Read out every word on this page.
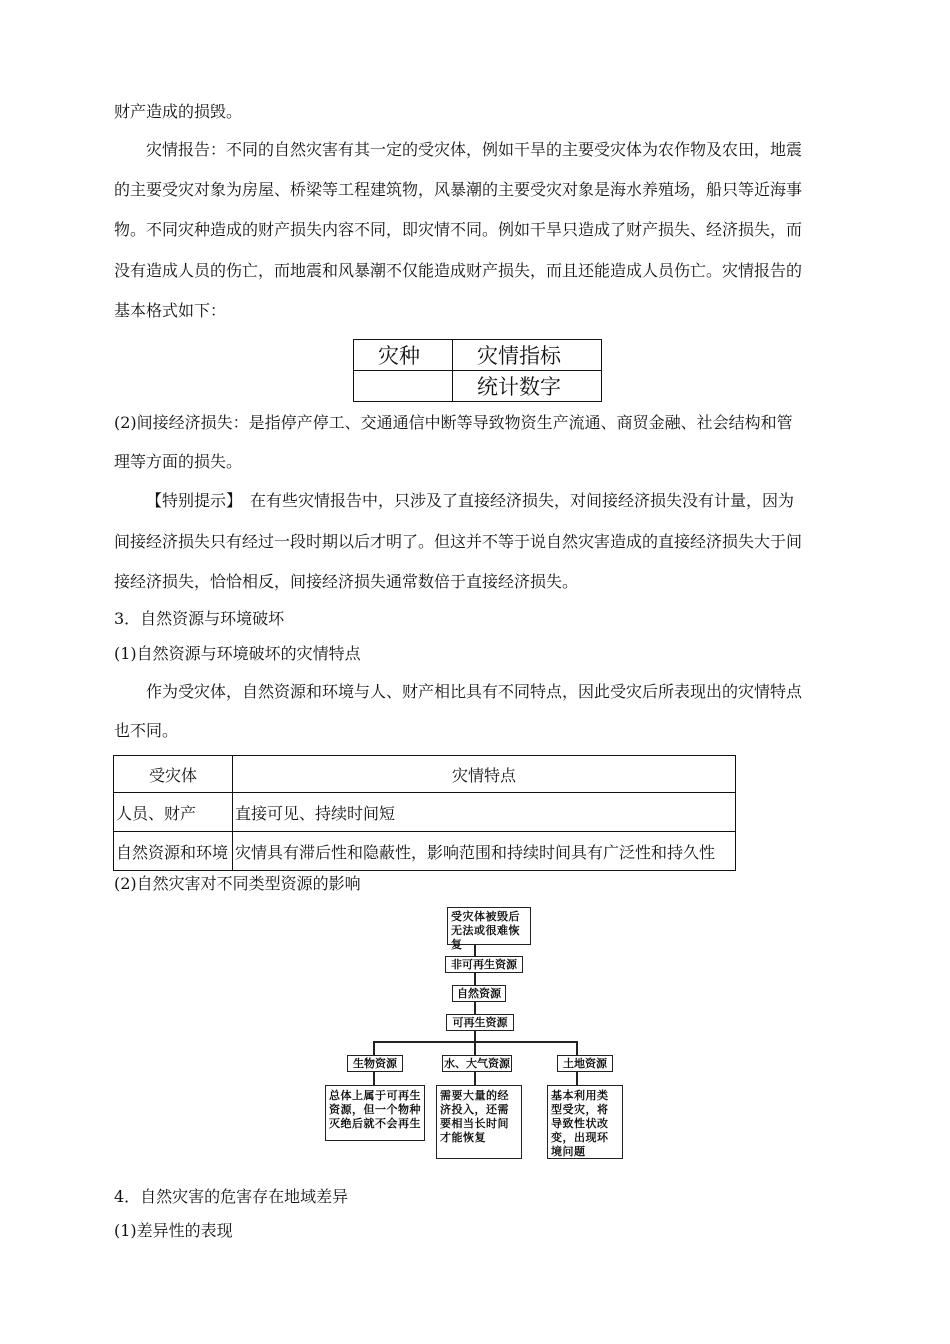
财产造成的损毁。
灾情报告：不同的自然灾害有其一定的受灾体，例如干旱的主要受灾体为农作物及农田，地震
的主要受灾对象为房屋、桥梁等工程建筑物，风暴潮的主要受灾对象是海水养殖场，船只等近海事
物。不同灾种造成的财产损失内容不同，即灾情不同。例如干旱只造成了财产损失、经济损失，而
没有造成人员的伤亡，而地震和风暴潮不仅能造成财产损失，而且还能造成人员伤亡。灾情报告的
基本格式如下：
灾种	灾情指标
	统计数字
(2)间接经济损失：是指停产停工、交通通信中断等导致物资生产流通、商贸金融、社会结构和管
理等方面的损失。
【特别提示】　在有些灾情报告中，只涉及了直接经济损失，对间接经济损失没有计量，因为
间接经济损失只有经过一段时期以后才明了。但这并不等于说自然灾害造成的直接经济损失大于间
接经济损失，恰恰相反，间接经济损失通常数倍于直接经济损失。
3．自然资源与环境破坏
(1)自然资源与环境破坏的灾情特点
作为受灾体，自然资源和环境与人、财产相比具有不同特点，因此受灾后所表现出的灾情特点
也不同。
受灾体	灾情特点
人员、财产	直接可见、持续时间短
自然资源和环境	灾情具有滞后性和隐蔽性，影响范围和持续时间具有广泛性和持久性
(2)自然灾害对不同类型资源的影响
受灾体被毁后无法或很难恢复
非可再生资源
自然资源
可再生资源
生物资源	水、大气资源	土地资源
总体上属于可再生资源，但一个物种灭绝后就不会再生
需要大量的经济投入，还需要相当长时间才能恢复
基本利用类型受灾，将导致性状改变，出现环境问题
4．自然灾害的危害存在地域差异
(1)差异性的表现
